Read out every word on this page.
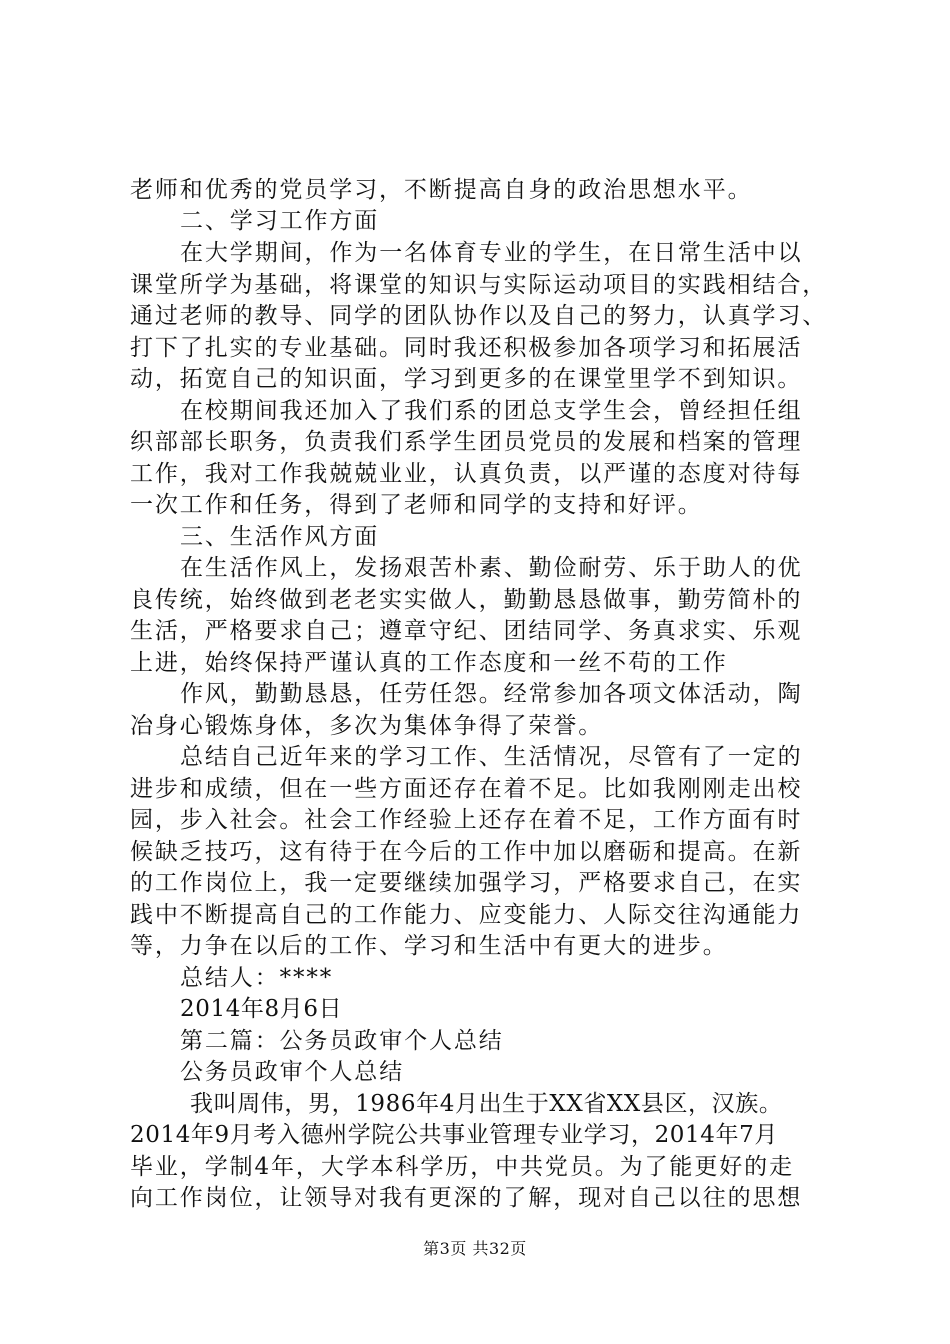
老师和优秀的党员学习，不断提高自身的政治思想水平。
二、学习工作方面
在大学期间，作为一名体育专业的学生，在日常生活中以
课堂所学为基础，将课堂的知识与实际运动项目的实践相结合，
通过老师的教导、同学的团队协作以及自己的努力，认真学习、
打下了扎实的专业基础。同时我还积极参加各项学习和拓展活
动，拓宽自己的知识面，学习到更多的在课堂里学不到知识。
在校期间我还加入了我们系的团总支学生会，曾经担任组
织部部长职务，负责我们系学生团员党员的发展和档案的管理
工作，我对工作我兢兢业业，认真负责，以严谨的态度对待每
一次工作和任务，得到了老师和同学的支持和好评。
三、生活作风方面
在生活作风上，发扬艰苦朴素、勤俭耐劳、乐于助人的优
良传统，始终做到老老实实做人，勤勤恳恳做事，勤劳简朴的
生活，严格要求自己；遵章守纪、团结同学、务真求实、乐观
上进，始终保持严谨认真的工作态度和一丝不苟的工作
作风，勤勤恳恳，任劳任怨。经常参加各项文体活动，陶
冶身心锻炼身体，多次为集体争得了荣誉。
总结自己近年来的学习工作、生活情况，尽管有了一定的
进步和成绩，但在一些方面还存在着不足。比如我刚刚走出校
园，步入社会。社会工作经验上还存在着不足，工作方面有时
候缺乏技巧，这有待于在今后的工作中加以磨砺和提高。在新
的工作岗位上，我一定要继续加强学习，严格要求自己，在实
践中不断提高自己的工作能力、应变能力、人际交往沟通能力
等，力争在以后的工作、学习和生活中有更大的进步。
总结人：****
2014年8月6日
第二篇：公务员政审个人总结
公务员政审个人总结
我叫周伟，男，1986年4月出生于XX省XX县区，汉族。
2014年9月考入德州学院公共事业管理专业学习，2014年7月
毕业，学制4年，大学本科学历，中共党员。为了能更好的走
向工作岗位，让领导对我有更深的了解，现对自己以往的思想
第3页 共32页
